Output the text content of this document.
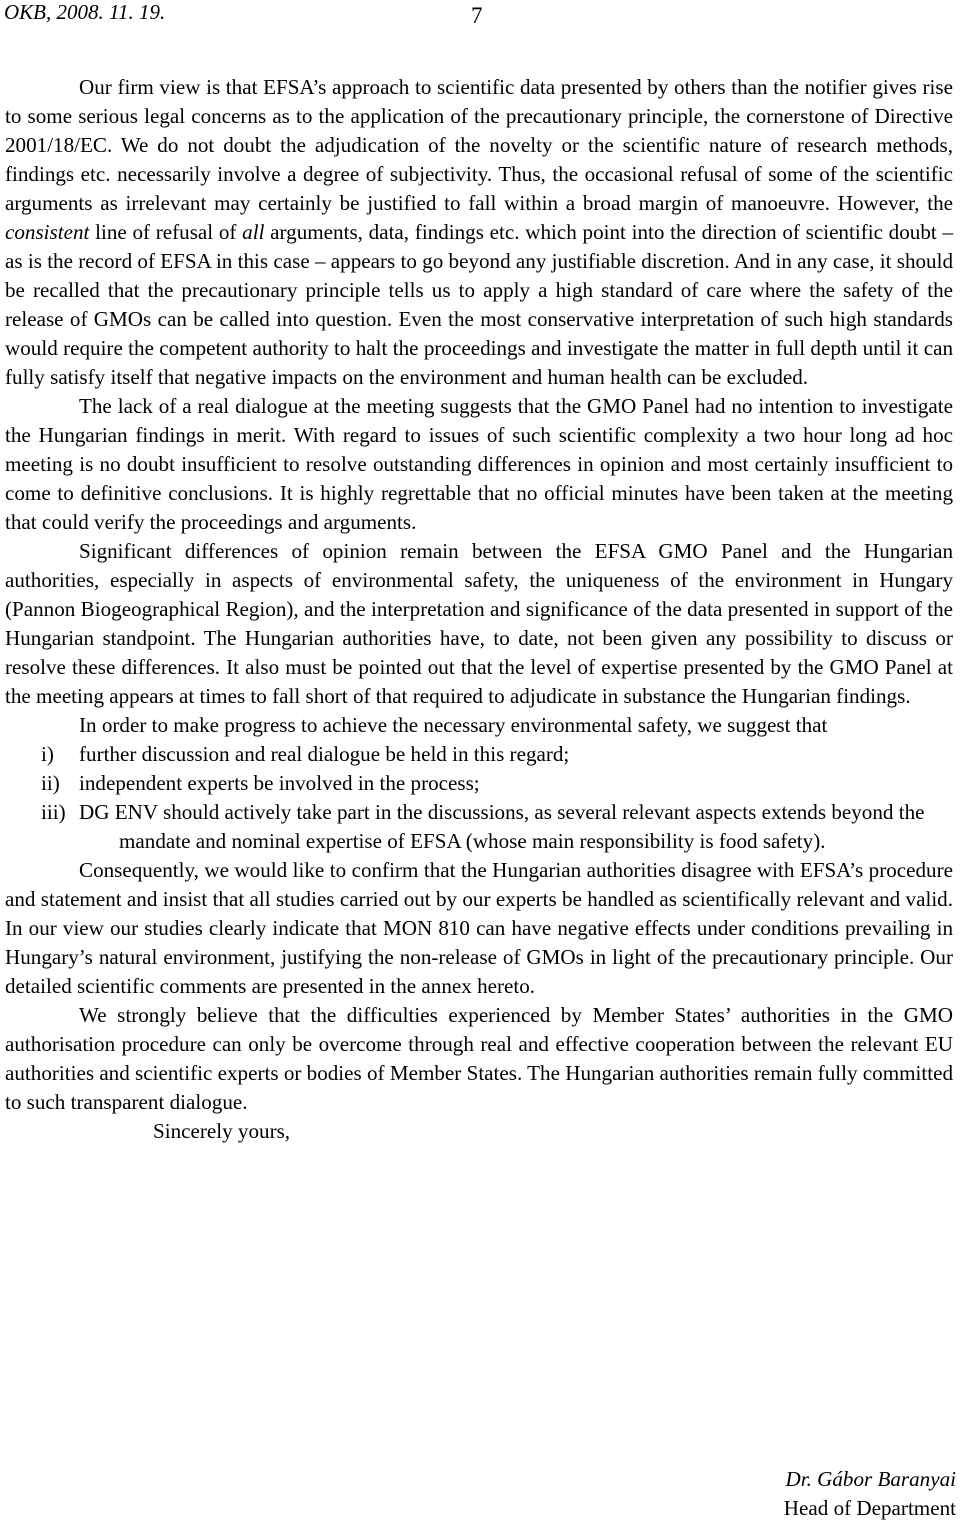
OKB, 2008. 11. 19.	7

Our firm view is that EFSA’s approach to scientific data presented by others than the notifier gives rise to some serious legal concerns as to the application of the precautionary principle, the cornerstone of Directive 2001/18/EC. We do not doubt the adjudication of the novelty or the scientific nature of research methods, findings etc. necessarily involve a degree of subjectivity. Thus, the occasional refusal of some of the scientific arguments as irrelevant may certainly be justified to fall within a broad margin of manoeuvre. However, the consistent line of refusal of all arguments, data, findings etc. which point into the direction of scientific doubt – as is the record of EFSA in this case – appears to go beyond any justifiable discretion. And in any case, it should be recalled that the precautionary principle tells us to apply a high standard of care where the safety of the release of GMOs can be called into question. Even the most conservative interpretation of such high standards would require the competent authority to halt the proceedings and investigate the matter in full depth until it can fully satisfy itself that negative impacts on the environment and human health can be excluded.

The lack of a real dialogue at the meeting suggests that the GMO Panel had no intention to investigate the Hungarian findings in merit. With regard to issues of such scientific complexity a two hour long ad hoc meeting is no doubt insufficient to resolve outstanding differences in opinion and most certainly insufficient to come to definitive conclusions. It is highly regrettable that no official minutes have been taken at the meeting that could verify the proceedings and arguments.

Significant differences of opinion remain between the EFSA GMO Panel and the Hungarian authorities, especially in aspects of environmental safety, the uniqueness of the environment in Hungary (Pannon Biogeographical Region), and the interpretation and significance of the data presented in support of the Hungarian standpoint. The Hungarian authorities have, to date, not been given any possibility to discuss or resolve these differences. It also must be pointed out that the level of expertise presented by the GMO Panel at the meeting appears at times to fall short of that required to adjudicate in substance the Hungarian findings.

In order to make progress to achieve the necessary environmental safety, we suggest that

i)	further discussion and real dialogue be held in this regard;
ii) independent experts be involved in the process;
iii) DG ENV should actively take part in the discussions, as several relevant aspects extends beyond the mandate and nominal expertise of EFSA (whose main responsibility is food safety).

Consequently, we would like to confirm that the Hungarian authorities disagree with EFSA’s procedure and statement and insist that all studies carried out by our experts be handled as scientifically relevant and valid. In our view our studies clearly indicate that MON 810 can have negative effects under conditions prevailing in Hungary’s natural environment, justifying the non-release of GMOs in light of the precautionary principle. Our detailed scientific comments are presented in the annex hereto.

We strongly believe that the difficulties experienced by Member States’ authorities in the GMO authorisation procedure can only be overcome through real and effective cooperation between the relevant EU authorities and scientific experts or bodies of Member States. The Hungarian authorities remain fully committed to such transparent dialogue.

Sincerely yours,

Dr. Gábor Baranyai
Head of Department
